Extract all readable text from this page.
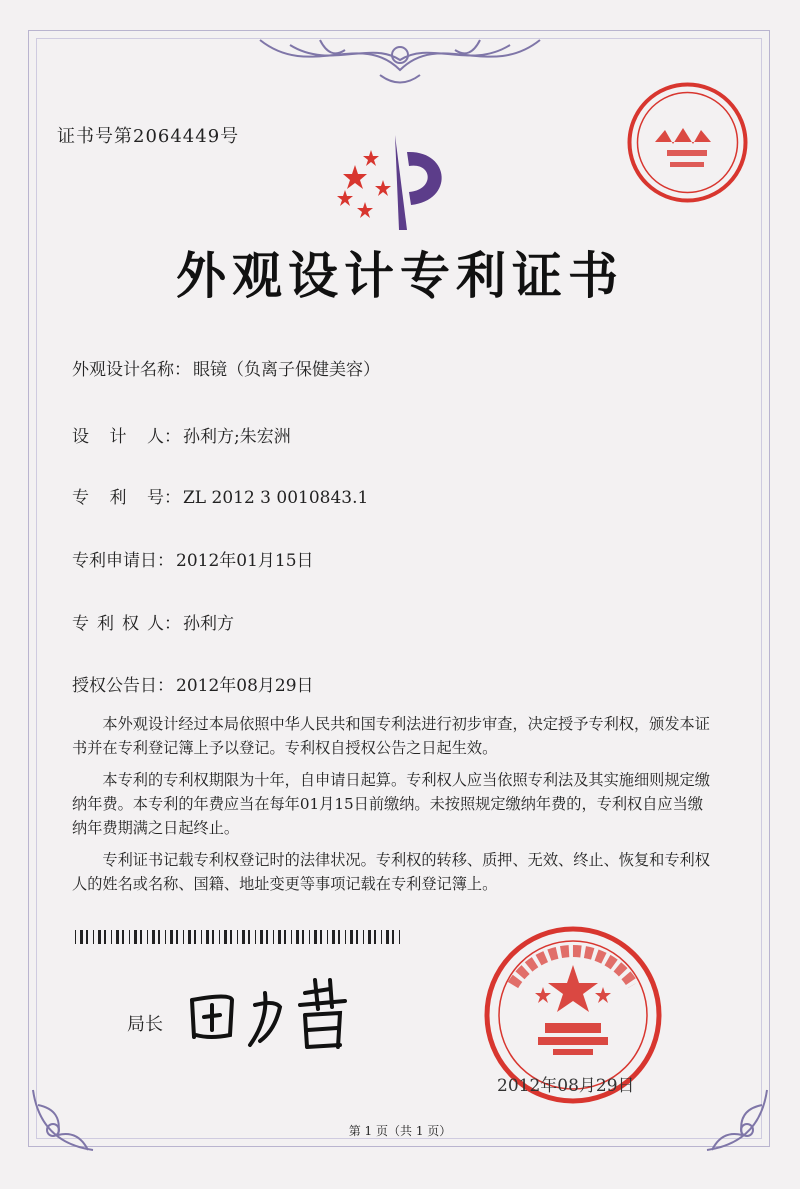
证书号第2064449号
外观设计专利证书
外观设计名称： 眼镜（负离子保健美容）
设计人： 孙利方;朱宏洲
专利号： ZL 2012 3 0010843.1
专利申请日： 2012年01月15日
专利权人： 孙利方
授权公告日： 2012年08月29日

本外观设计经过本局依照中华人民共和国专利法进行初步审查，决定授予专利权，颁发本证书并在专利登记簿上予以登记。专利权自授权公告之日起生效。

本专利的专利权期限为十年，自申请日起算。专利权人应当依照专利法及其实施细则规定缴纳年费。本专利的年费应当在每年01月15日前缴纳。未按照规定缴纳年费的，专利权自应当缴纳年费期满之日起终止。

专利证书记载专利权登记时的法律状况。专利权的转移、质押、无效、终止、恢复和专利权人的姓名或名称、国籍、地址变更等事项记载在专利登记簿上。

局长
2012年08月29日
第 1 页（共 1 页）
